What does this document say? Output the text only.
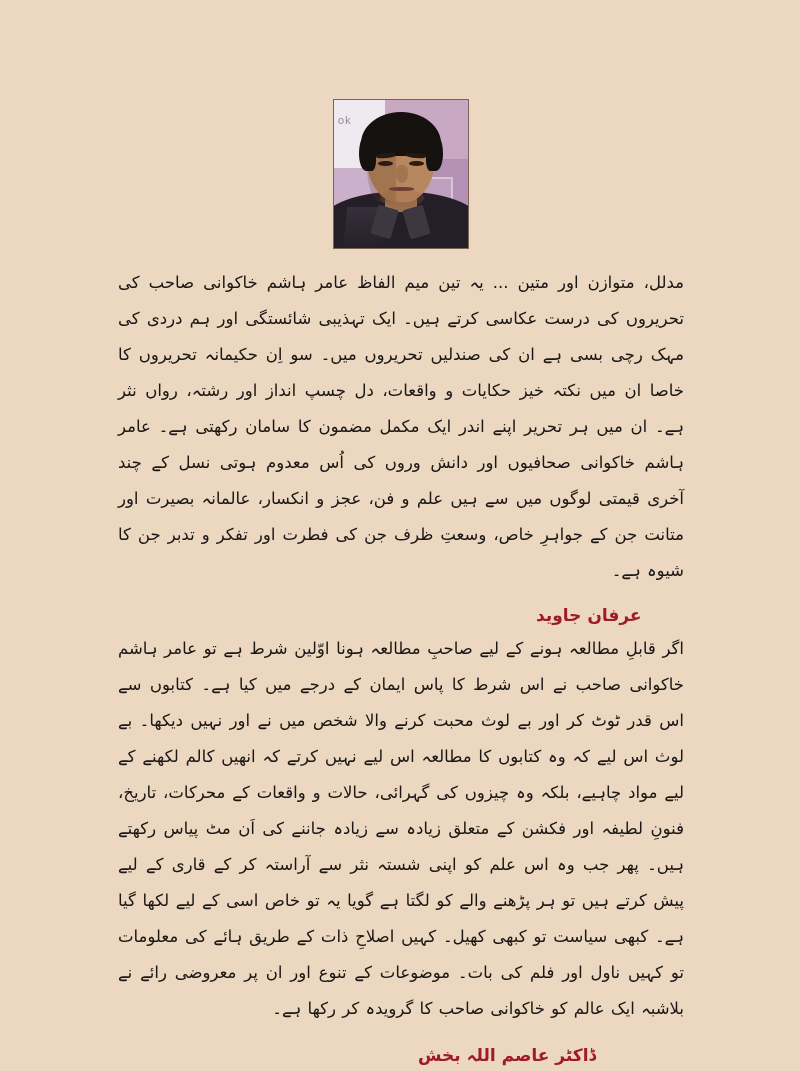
ok

مدلل، متوازن اور متین ... یہ تین میم الفاظ عامر ہاشم خاکوانی صاحب کی تحریروں کی درست عکاسی کرتے ہیں۔ ایک تہذیبی شائستگی اور ہم دردی کی مہک رچی بسی ہے ان کی صندلیں تحریروں میں۔ سو اِن حکیمانہ تحریروں کا خاصا ان میں نکتہ خیز حکایات و واقعات، دل چسپ انداز اور رشتہ، رواں نثر ہے۔ ان میں ہر تحریر اپنے اندر ایک مکمل مضمون کا سامان رکھتی ہے۔ عامر ہاشم خاکوانی صحافیوں اور دانش وروں کی اُس معدوم ہوتی نسل کے چند آخری قیمتی لوگوں میں سے ہیں علم و فن، عجز و انکسار، عالمانہ بصیرت اور متانت جن کے جواہرِ خاص، وسعتِ ظرف جن کی فطرت اور تفکر و تدبر جن کا شیوہ ہے۔

عرفان جاوید

اگر قابلِ مطالعہ ہونے کے لیے صاحبِ مطالعہ ہونا اوّلین شرط ہے تو عامر ہاشم خاکوانی صاحب نے اس شرط کا پاس ایمان کے درجے میں کیا ہے۔ کتابوں سے اس قدر ٹوٹ کر اور بے لوث محبت کرنے والا شخص میں نے اور نہیں دیکھا۔ بے لوث اس لیے کہ وہ کتابوں کا مطالعہ اس لیے نہیں کرتے کہ انھیں کالم لکھنے کے لیے مواد چاہیے، بلکہ وہ چیزوں کی گہرائی، حالات و واقعات کے محرکات، تاریخ، فنونِ لطیفہ اور فکشن کے متعلق زیادہ سے زیادہ جاننے کی اَن مٹ پیاس رکھتے ہیں۔ پھر جب وہ اس علم کو اپنی شستہ نثر سے آراستہ کر کے قاری کے لیے پیش کرتے ہیں تو ہر پڑھنے والے کو لگتا ہے گویا یہ تو خاص اسی کے لیے لکھا گیا ہے۔ کبھی سیاست تو کبھی کھیل۔ کہیں اصلاحِ ذات کے طریق ہائے کی معلومات تو کہیں ناول اور فلم کی بات۔ موضوعات کے تنوع اور ان پر معروضی رائے نے بلاشبہ ایک عالم کو خاکوانی صاحب کا گرویدہ کر رکھا ہے۔

ڈاکٹر عاصم اللہ بخش
